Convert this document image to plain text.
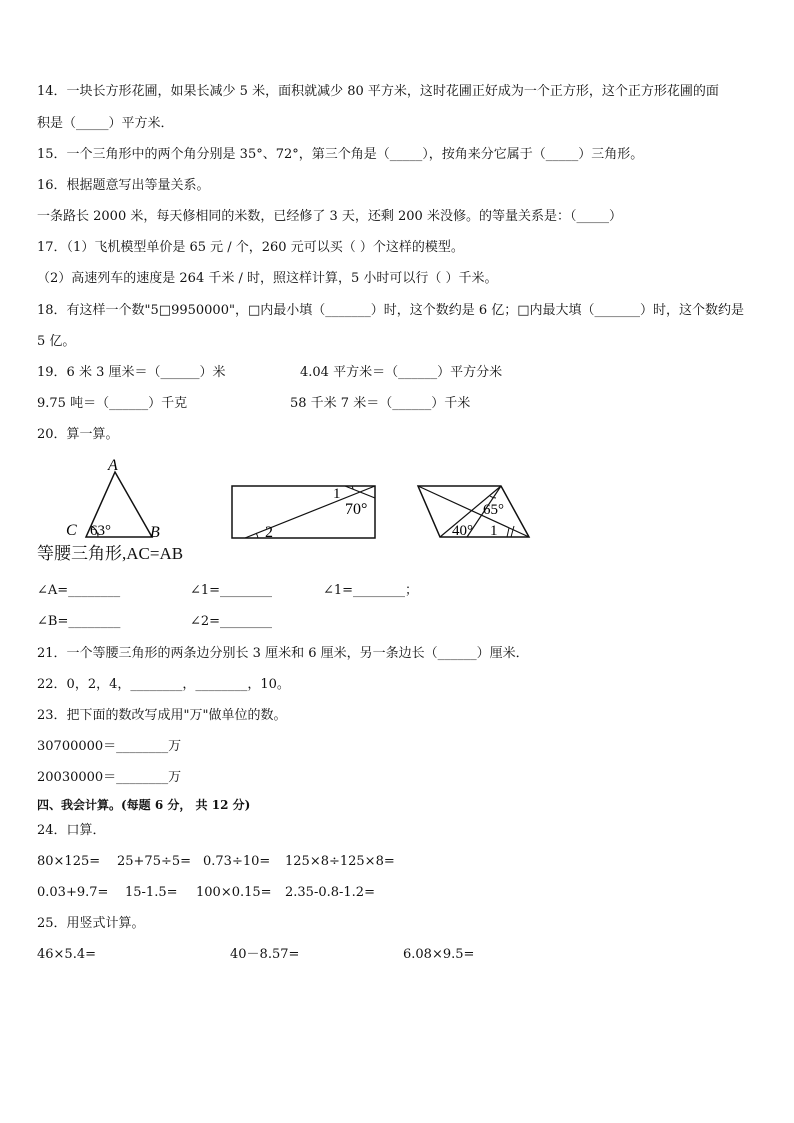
14．一块长方形花圃，如果长减少 5 米，面积就减少 80 平方米，这时花圃正好成为一个正方形，这个正方形花圃的面
积是（_____）平方米．
15．一个三角形中的两个角分别是 35°、72°，第三个角是（_____），按角来分它属于（_____）三角形。
16．根据题意写出等量关系。
一条路长 2000 米，每天修相同的米数，已经修了 3 天，还剩 200 米没修。的等量关系是：（_____）
17．（1）飞机模型单价是 65 元 / 个，260 元可以买（ ）个这样的模型。
（2）高速列车的速度是 264 千米 / 时，照这样计算，5 小时可以行（ ）千米。
18．有这样一个数"5□9950000"，□内最小填（_______）时，这个数约是 6 亿；□内最大填（_______）时，这个数约是
5 亿。
19．6 米 3 厘米＝（______）米	4.04 平方米＝（______）平方分米
9.75 吨＝（______）千克	58 千米 7 米＝（______）千米
20．算一算。
A
C	B
63°
等腰三角形,AC=AB
1
2
70°
40°
65°
1
∠A=________	∠1=________	∠1=________；
∠B=________	∠2=________
21．一个等腰三角形的两条边分别长 3 厘米和 6 厘米，另一条边长（______）厘米．
22．0，2，4，________，________，10。
23．把下面的数改写成用"万"做单位的数。
30700000＝________万
20030000＝________万
四、我会计算。(每题 6 分， 共 12 分)
24．口算．
80×125= 25+75÷5= 0.73÷10= 125×8÷125×8=
0.03+9.7= 15-1.5= 100×0.15= 2.35-0.8-1.2=
25．用竖式计算。
46×5.4=	40－8.57=	6.08×9.5=
